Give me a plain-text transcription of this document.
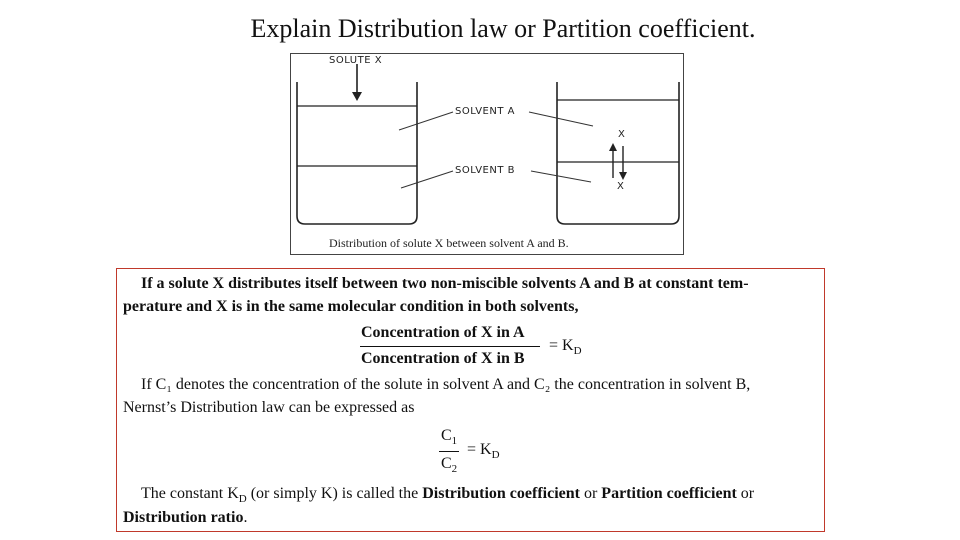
Explain Distribution law or Partition coefficient.
SOLUTE X
SOLVENT A
SOLVENT B
X
X
Distribution of solute X between solvent A and B.
If a solute X distributes itself between two non-miscible solvents A and B at constant tem-
perature and X is in the same molecular condition in both solvents,
Concentration of X in A
Concentration of X in B
= $K_D$
If C₁ denotes the concentration of the solute in solvent A and C₂ the concentration in solvent B,
Nernst’s Distribution law can be expressed as
$C_1$
$C_2$
= $K_D$
The constant $K_D$ (or simply K) is called the Distribution coefficient or Partition coefficient or
Distribution ratio.
